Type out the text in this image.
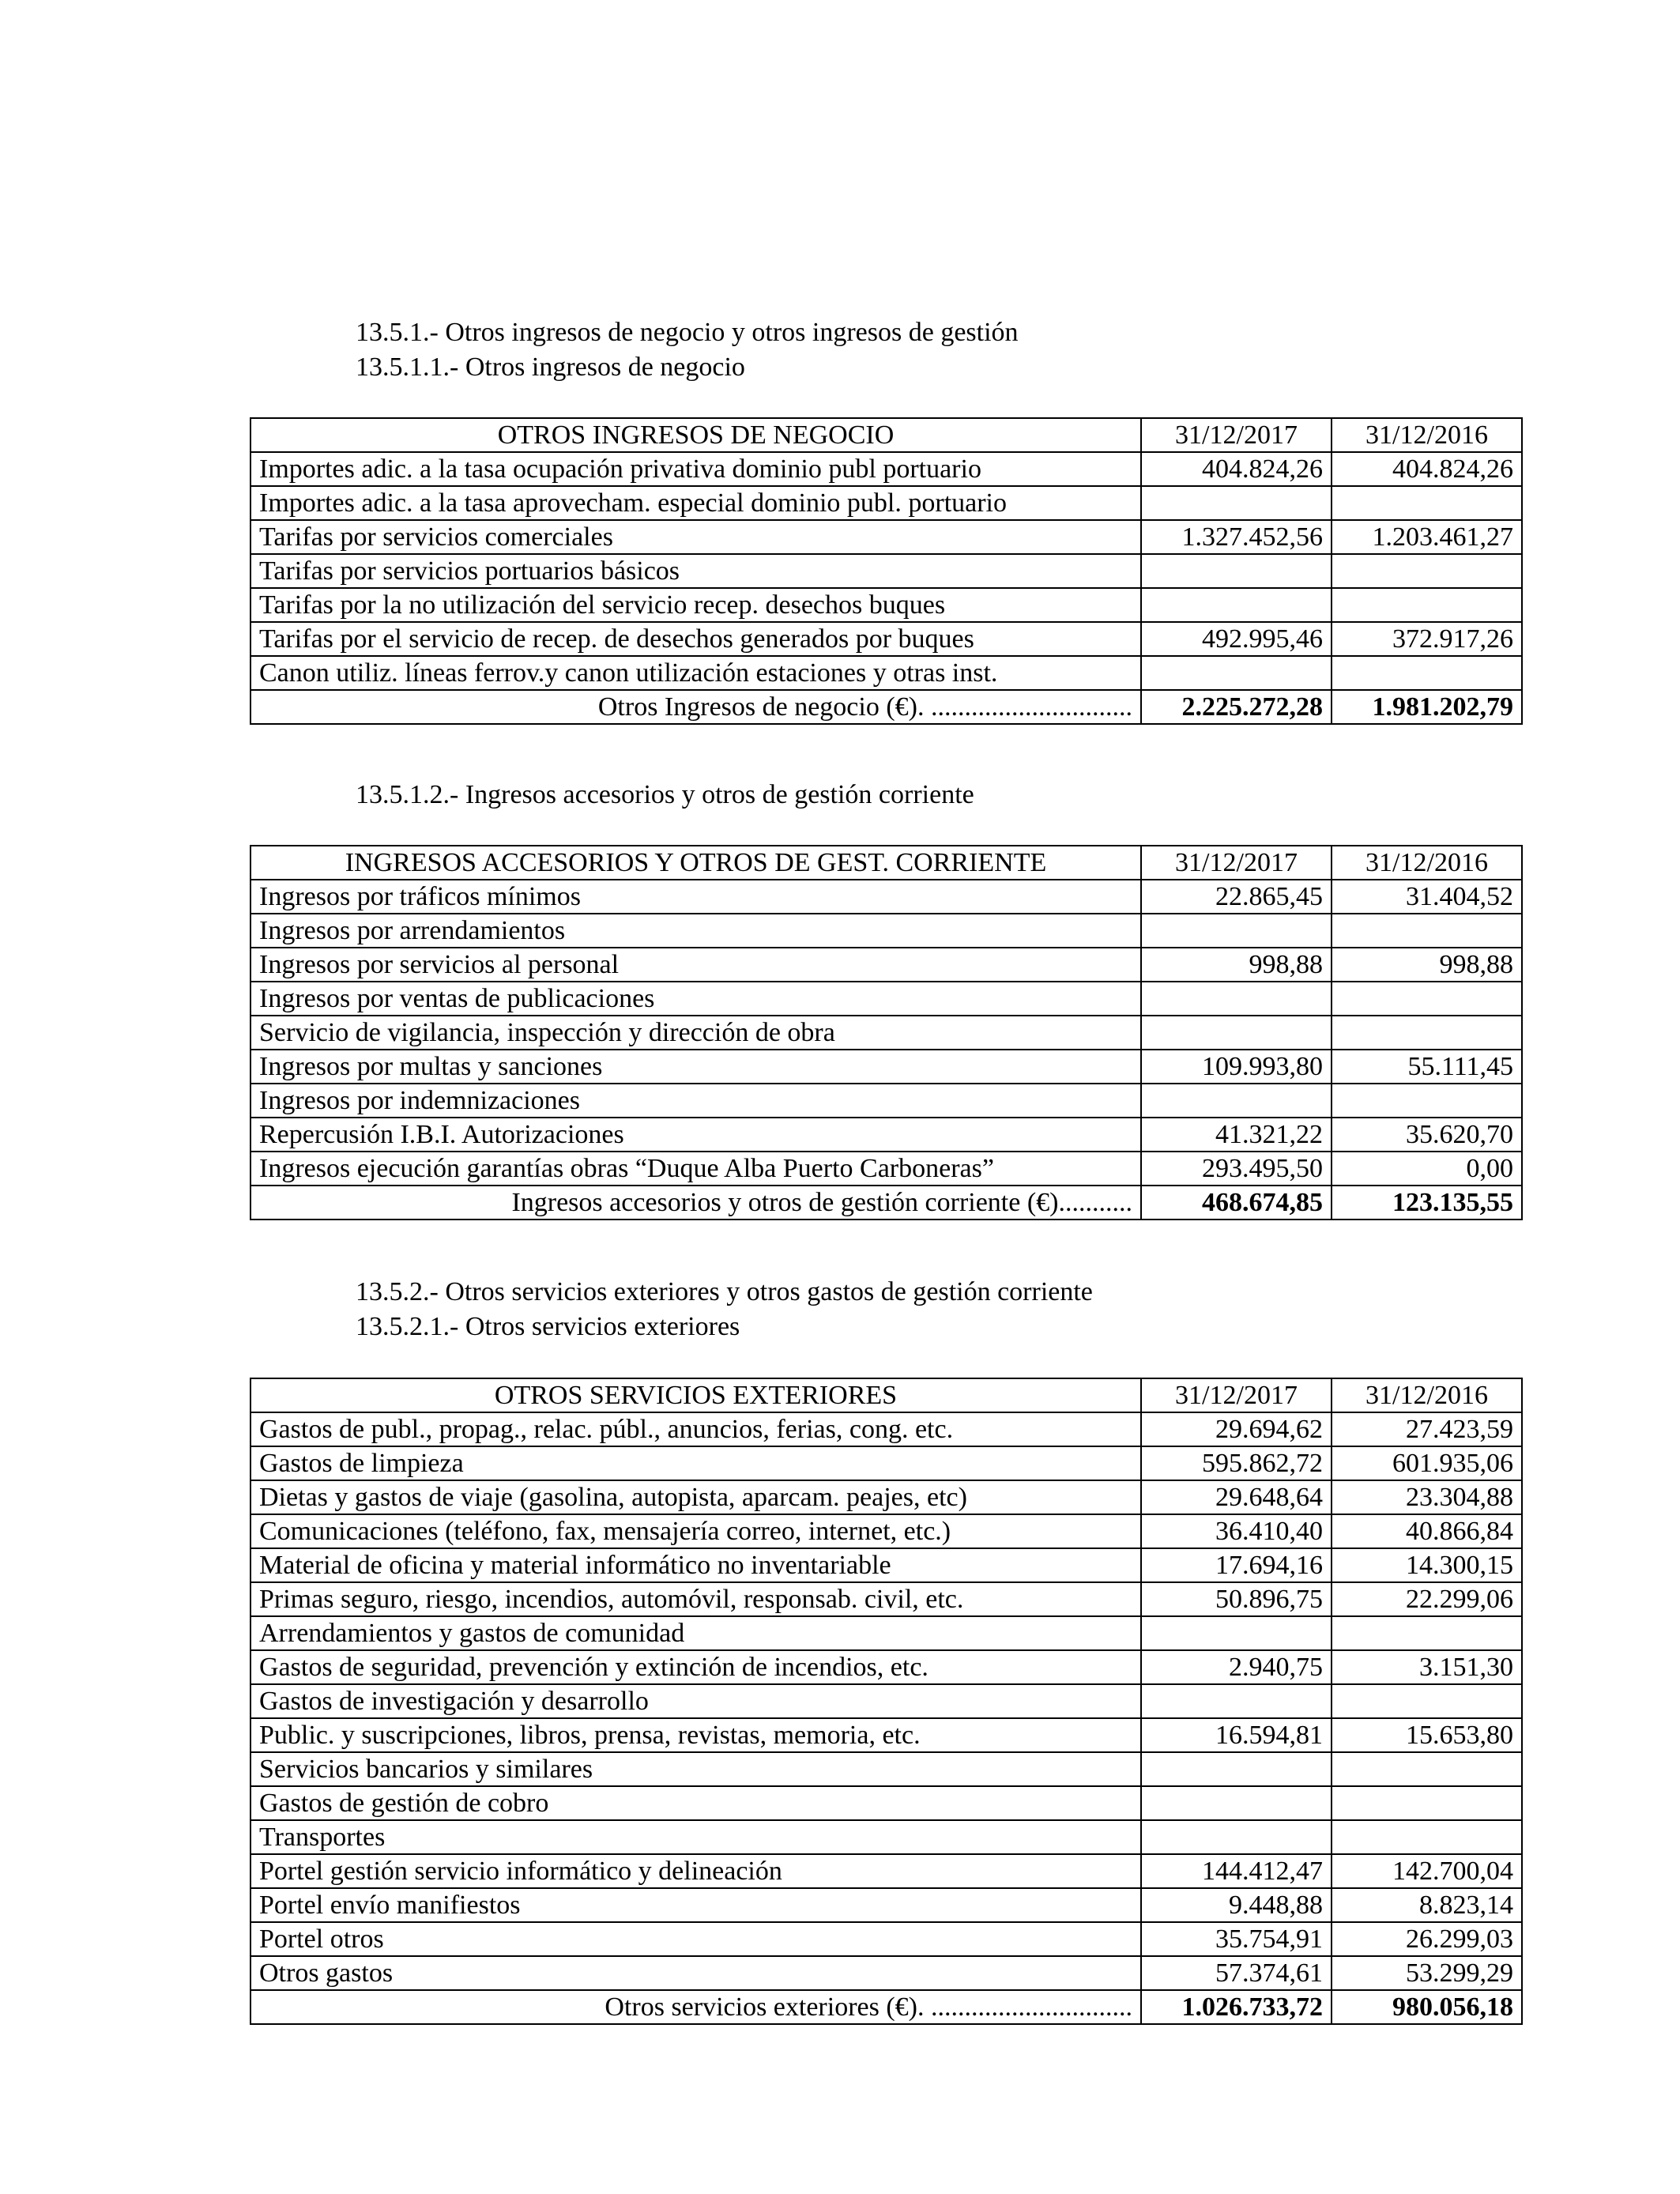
13.5.1.- Otros ingresos de negocio y otros ingresos de gestión
13.5.1.1.- Otros ingresos de negocio
OTROS INGRESOS DE NEGOCIO	31/12/2017	31/12/2016
Importes adic. a la tasa ocupación privativa dominio publ portuario	404.824,26	404.824,26
Importes adic. a la tasa aprovecham. especial dominio publ. portuario		
Tarifas por servicios comerciales	1.327.452,56	1.203.461,27
Tarifas por servicios portuarios básicos		
Tarifas por la no utilización del servicio recep. desechos buques		
Tarifas por el servicio de recep. de desechos generados por buques	492.995,46	372.917,26
Canon utiliz. líneas ferrov.y canon utilización estaciones y otras inst.		
Otros Ingresos de negocio (€). ..............................	2.225.272,28	1.981.202,79
13.5.1.2.- Ingresos accesorios y otros de gestión corriente
INGRESOS ACCESORIOS Y OTROS DE GEST. CORRIENTE	31/12/2017	31/12/2016
Ingresos por tráficos mínimos	22.865,45	31.404,52
Ingresos por arrendamientos		
Ingresos por servicios al personal	998,88	998,88
Ingresos por ventas de publicaciones		
Servicio de vigilancia, inspección y dirección de obra		
Ingresos por multas y sanciones	109.993,80	55.111,45
Ingresos por indemnizaciones		
Repercusión I.B.I. Autorizaciones	41.321,22	35.620,70
Ingresos ejecución garantías obras “Duque Alba Puerto Carboneras”	293.495,50	0,00
Ingresos accesorios y otros de gestión corriente (€)...........	468.674,85	123.135,55
13.5.2.- Otros servicios exteriores y otros gastos de gestión corriente
13.5.2.1.- Otros servicios exteriores
OTROS SERVICIOS EXTERIORES	31/12/2017	31/12/2016
Gastos de publ., propag., relac. públ., anuncios, ferias, cong. etc.	29.694,62	27.423,59
Gastos de limpieza	595.862,72	601.935,06
Dietas y gastos de viaje (gasolina, autopista, aparcam. peajes, etc)	29.648,64	23.304,88
Comunicaciones (teléfono, fax, mensajería correo, internet, etc.)	36.410,40	40.866,84
Material de oficina y material informático no inventariable	17.694,16	14.300,15
Primas seguro, riesgo, incendios, automóvil, responsab. civil, etc.	50.896,75	22.299,06
Arrendamientos y gastos de comunidad		
Gastos de seguridad, prevención y extinción de incendios, etc.	2.940,75	3.151,30
Gastos de investigación y desarrollo		
Public. y suscripciones, libros, prensa, revistas, memoria, etc.	16.594,81	15.653,80
Servicios bancarios y similares		
Gastos de gestión de cobro		
Transportes		
Portel gestión servicio informático y delineación	144.412,47	142.700,04
Portel envío manifiestos	9.448,88	8.823,14
Portel otros	35.754,91	26.299,03
Otros gastos	57.374,61	53.299,29
Otros servicios exteriores (€). ..............................	1.026.733,72	980.056,18
